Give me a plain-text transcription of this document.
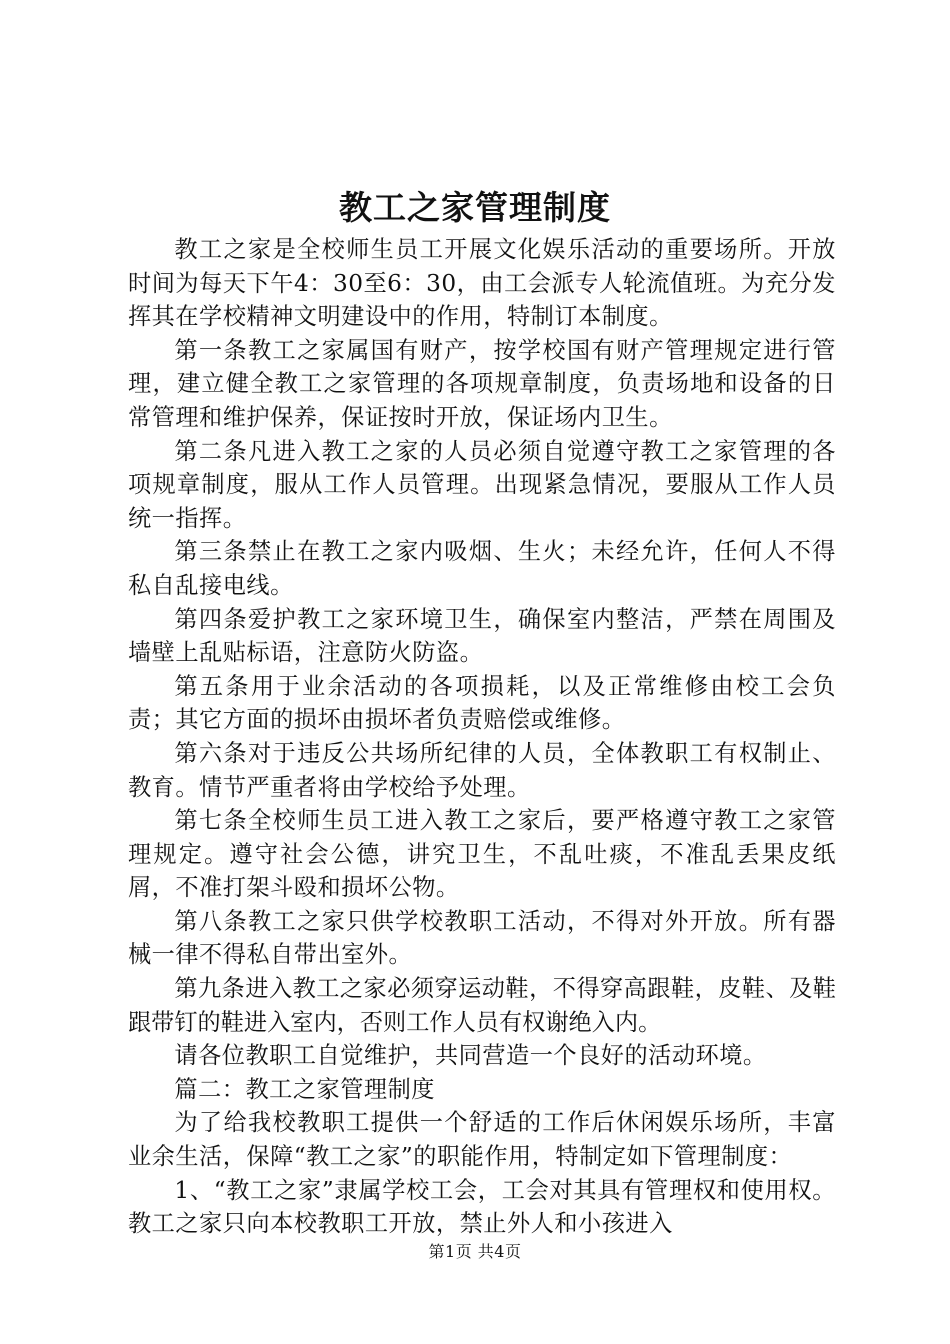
教工之家管理制度

教工之家是全校师生员工开展文化娱乐活动的重要场所。开放时间为每天下午4：30至6：30，由工会派专人轮流值班。为充分发挥其在学校精神文明建设中的作用，特制订本制度。

第一条教工之家属国有财产，按学校国有财产管理规定进行管理，建立健全教工之家管理的各项规章制度，负责场地和设备的日常管理和维护保养，保证按时开放，保证场内卫生。

第二条凡进入教工之家的人员必须自觉遵守教工之家管理的各项规章制度，服从工作人员管理。出现紧急情况，要服从工作人员统一指挥。

第三条禁止在教工之家内吸烟、生火；未经允许，任何人不得私自乱接电线。

第四条爱护教工之家环境卫生，确保室内整洁，严禁在周围及墙壁上乱贴标语，注意防火防盗。

第五条用于业余活动的各项损耗，以及正常维修由校工会负责；其它方面的损坏由损坏者负责赔偿或维修。

第六条对于违反公共场所纪律的人员，全体教职工有权制止、教育。情节严重者将由学校给予处理。

第七条全校师生员工进入教工之家后，要严格遵守教工之家管理规定。遵守社会公德，讲究卫生，不乱吐痰，不准乱丢果皮纸屑，不准打架斗殴和损坏公物。

第八条教工之家只供学校教职工活动，不得对外开放。所有器械一律不得私自带出室外。

第九条进入教工之家必须穿运动鞋，不得穿高跟鞋，皮鞋、及鞋跟带钉的鞋进入室内，否则工作人员有权谢绝入内。

请各位教职工自觉维护，共同营造一个良好的活动环境。

篇二：教工之家管理制度

为了给我校教职工提供一个舒适的工作后休闲娱乐场所，丰富业余生活，保障“教工之家”的职能作用，特制定如下管理制度：

1、“教工之家”隶属学校工会，工会对其具有管理权和使用权。教工之家只向本校教职工开放，禁止外人和小孩进入

第1页 共4页
